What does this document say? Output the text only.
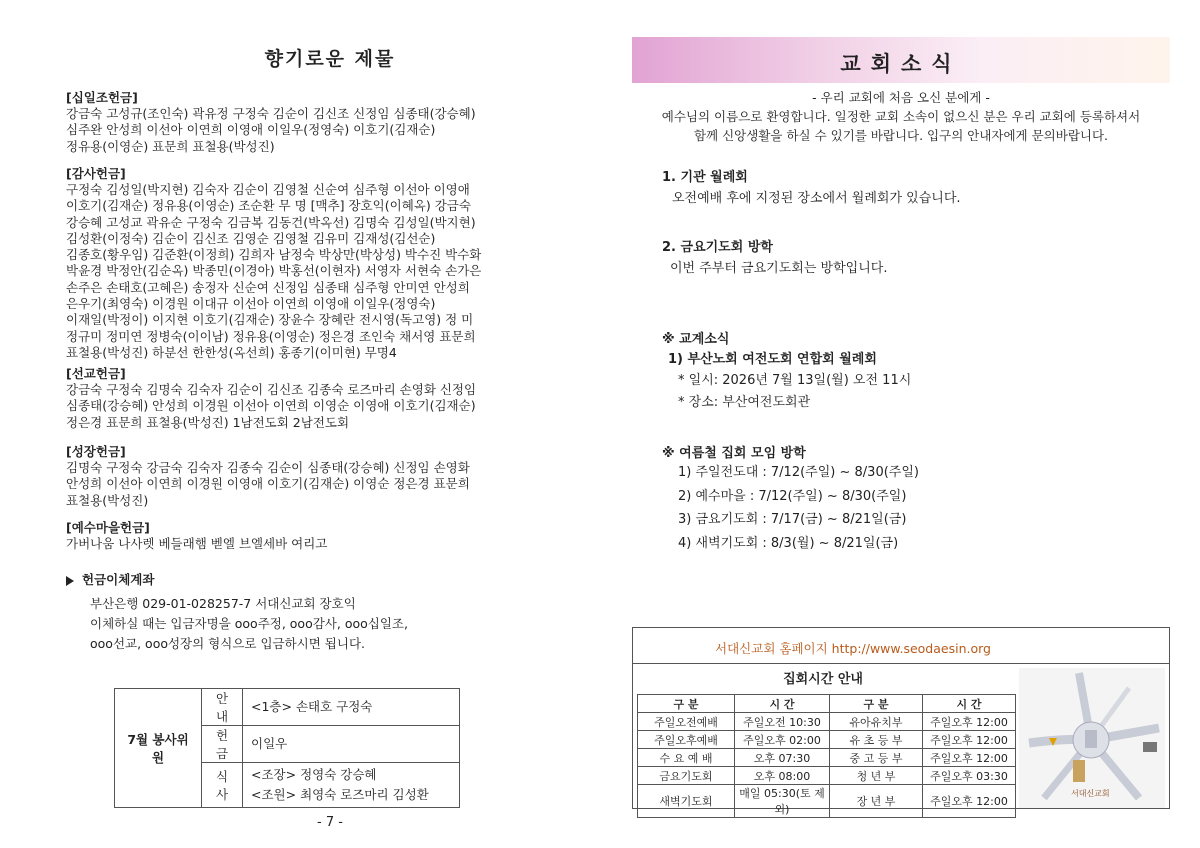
향기로운 제물
[십일조헌금]
강금숙 고성규(조인숙) 곽유정 구정숙 김순이 김신조 신정임 심종태(강승혜)
심주완 안성희 이선아 이연희 이영애 이일우(정영숙) 이호기(김재순)
정유용(이영순) 표문희 표철용(박성진)
[감사헌금]
구정숙 김성일(박지현) 김숙자 김순이 김영철 신순여 심주형 이선아 이영애
이호기(김재순) 정유용(이영순) 조순환 무 명 [맥추] 장호익(이혜옥) 강금숙
강승혜 고성교 곽유순 구정숙 김금복 김동건(박옥선) 김명숙 김성일(박지현)
김성환(이정숙) 김순이 김신조 김영순 김영철 김유미 김재성(김선순)
김종호(황우임) 김준환(이정희) 김희자 남정숙 박상만(박상성) 박수진 박수화
박윤경 박정안(김순옥) 박종민(이경아) 박홍선(이현자) 서영자 서현숙 손가은
손주은 손태호(고혜은) 송정자 신순여 신정임 심종태 심주형 안미연 안성희
은우기(최영숙) 이경원 이대규 이선아 이연희 이영애 이일우(정영숙)
이재일(박정이) 이지현 이호기(김재순) 장윤수 장혜란 전시영(독고영) 정 미
정규미 정미연 정병숙(이이남) 정유용(이영순) 정은경 조인숙 채서영 표문희
표철용(박성진) 하분선 한한성(옥선희) 홍종기(이미현) 무명4
[선교헌금]
강금숙 구정숙 김명숙 김숙자 김순이 김신조 김종숙 로즈마리 손영화 신정임
심종태(강승혜) 안성희 이경원 이선아 이연희 이영순 이영애 이호기(김재순)
정은경 표문희 표철용(박성진) 1남전도회 2남전도회
[성장헌금]
김명숙 구정숙 강금숙 김숙자 김종숙 김순이 심종태(강승혜) 신정임 손영화
안성희 이선아 이연희 이경원 이영애 이호기(김재순) 이영순 정은경 표문희
표철용(박성진)
[예수마을헌금]
가버나움 나사렛 베들래햄 벧엘 브엘세바 여리고
헌금이체계좌
부산은행 029-01-028257-7 서대신교회 장호익
이체하실 때는 입금자명을 ooo주정, ooo감사, ooo십일조,
ooo선교, ooo성장의 형식으로 입금하시면 됩니다.
7월 봉사위원	안내	<1층> 손태호 구정숙
	헌금	이일우
	식사	<조장> 정영숙 강승혜
<조원> 최영숙 로즈마리 김성환
- 7 -
교회소식
- 우리 교회에 처음 오신 분에게 -
예수님의 이름으로 환영합니다. 일정한 교회 소속이 없으신 분은 우리 교회에 등록하셔서
함께 신앙생활을 하실 수 있기를 바랍니다. 입구의 안내자에게 문의바랍니다.
1. 기관 월례회
오전예배 후에 지정된 장소에서 월례회가 있습니다.
2. 금요기도회 방학
이번 주부터 금요기도회는 방학입니다.
※ 교계소식
1) 부산노회 여전도회 연합회 월례회
* 일시: 2026년 7월 13일(월) 오전 11시
* 장소: 부산여전도회관
※ 여름철 집회 모임 방학
1) 주일전도대 : 7/12(주일) ~ 8/30(주일)
2) 예수마을 : 7/12(주일) ~ 8/30(주일)
3) 금요기도회 : 7/17(금) ~ 8/21일(금)
4) 새벽기도회 : 8/3(월) ~ 8/21일(금)
서대신교회 홈페이지 http://www.seodaesin.org
집회시간 안내
구 분	시 간	구 분	시 간
주일오전예배	주일오전 10:30	유아유치부	주일오후 12:00
주일오후예배	주일오후 02:00	유 초 등 부	주일오후 12:00
수 요 예 배	오후 07:30	중 고 등 부	주일오후 12:00
금요기도회	오후 08:00	청 년 부	주일오후 03:30
새벽기도회	매일 05:30(토 제외)	장 년 부	주일오후 12:00
서대신교회
